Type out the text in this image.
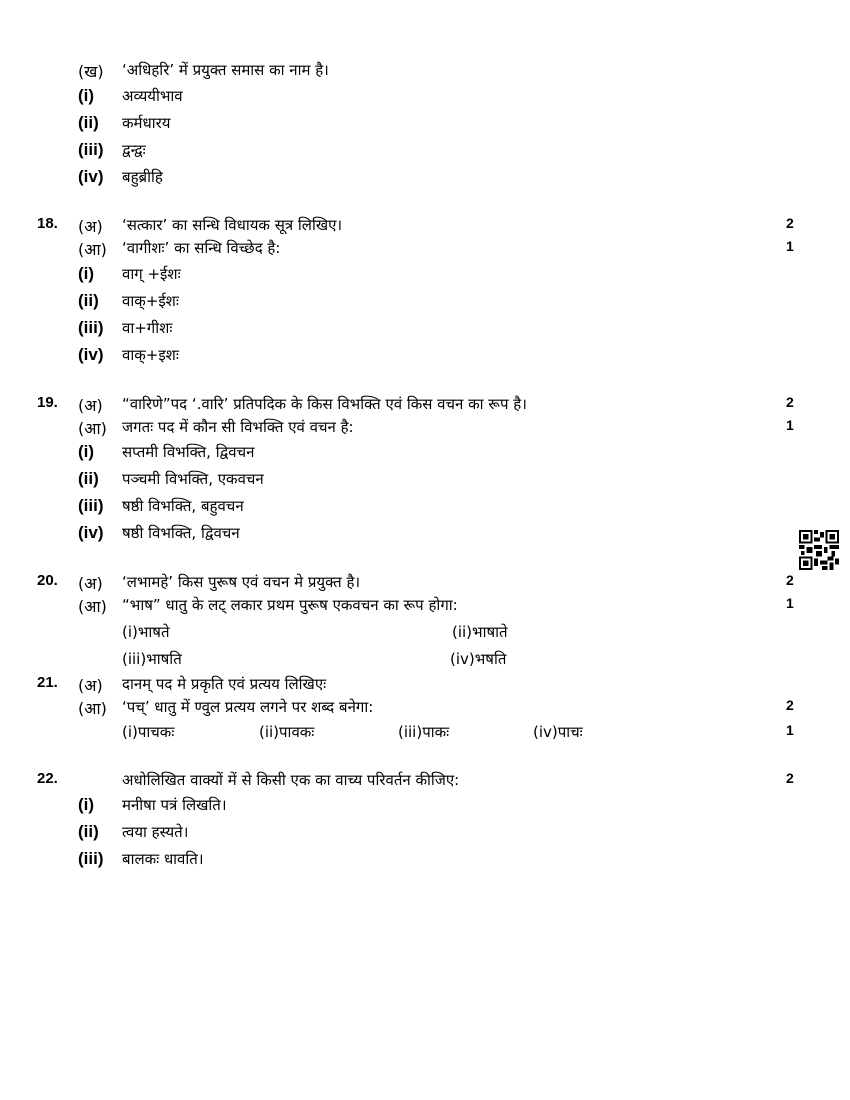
(ख) ‘अधिहरि’ में प्रयुक्त समास का नाम है।
(i) अव्ययीभाव
(ii) कर्मधारय
(iii) द्वन्द्वः
(iv) बहुब्रीहि
18. (अ) ‘सत्कार’ का सन्धि विधायक सूत्र लिखिए।	2
(आ) ‘वागीशः’ का सन्धि विच्छेद है:	1
(i) वाग् +ईशः
(ii) वाक्+ईशः
(iii) वा+गीशः
(iv) वाक्+इशः
19. (अ) “वारिणे”पद ‘.वारि’ प्रतिपदिक के किस विभक्ति एवं किस वचन का रूप है।	2
(आ) जगतः पद में कौन सी विभक्ति एवं वचन है:	1
(i) सप्तमी विभक्ति, द्विवचन
(ii) पञ्चमी विभक्ति, एकवचन
(iii) षष्ठी विभक्ति, बहुवचन
(iv) षष्ठी विभक्ति, द्विवचन
20. (अ) ‘लभामहे’ किस पुरूष एवं वचन मे प्रयुक्त है।	2
(आ) “भाष” धातु के लट् लकार प्रथम पुरूष एकवचन का रूप होगा:	1
(i)भाषते	(ii)भाषाते
(iii)भाषति	(iv)भषति
21. (अ) दानम् पद मे प्रकृति एवं प्रत्यय लिखिएः
(आ) ‘पच्’ धातु में ण्वुल प्रत्यय लगने पर शब्द बनेगा:	2
(i)पाचकः	(ii)पावकः	(iii)पाकः	(iv)पाचः	1
22.	अधोलिखित वाक्यों में से किसी एक का वाच्य परिवर्तन कीजिए:	2
(i) मनीषा पत्रं लिखति।
(ii) त्वया हस्यते।
(iii) बालकः धावति।
